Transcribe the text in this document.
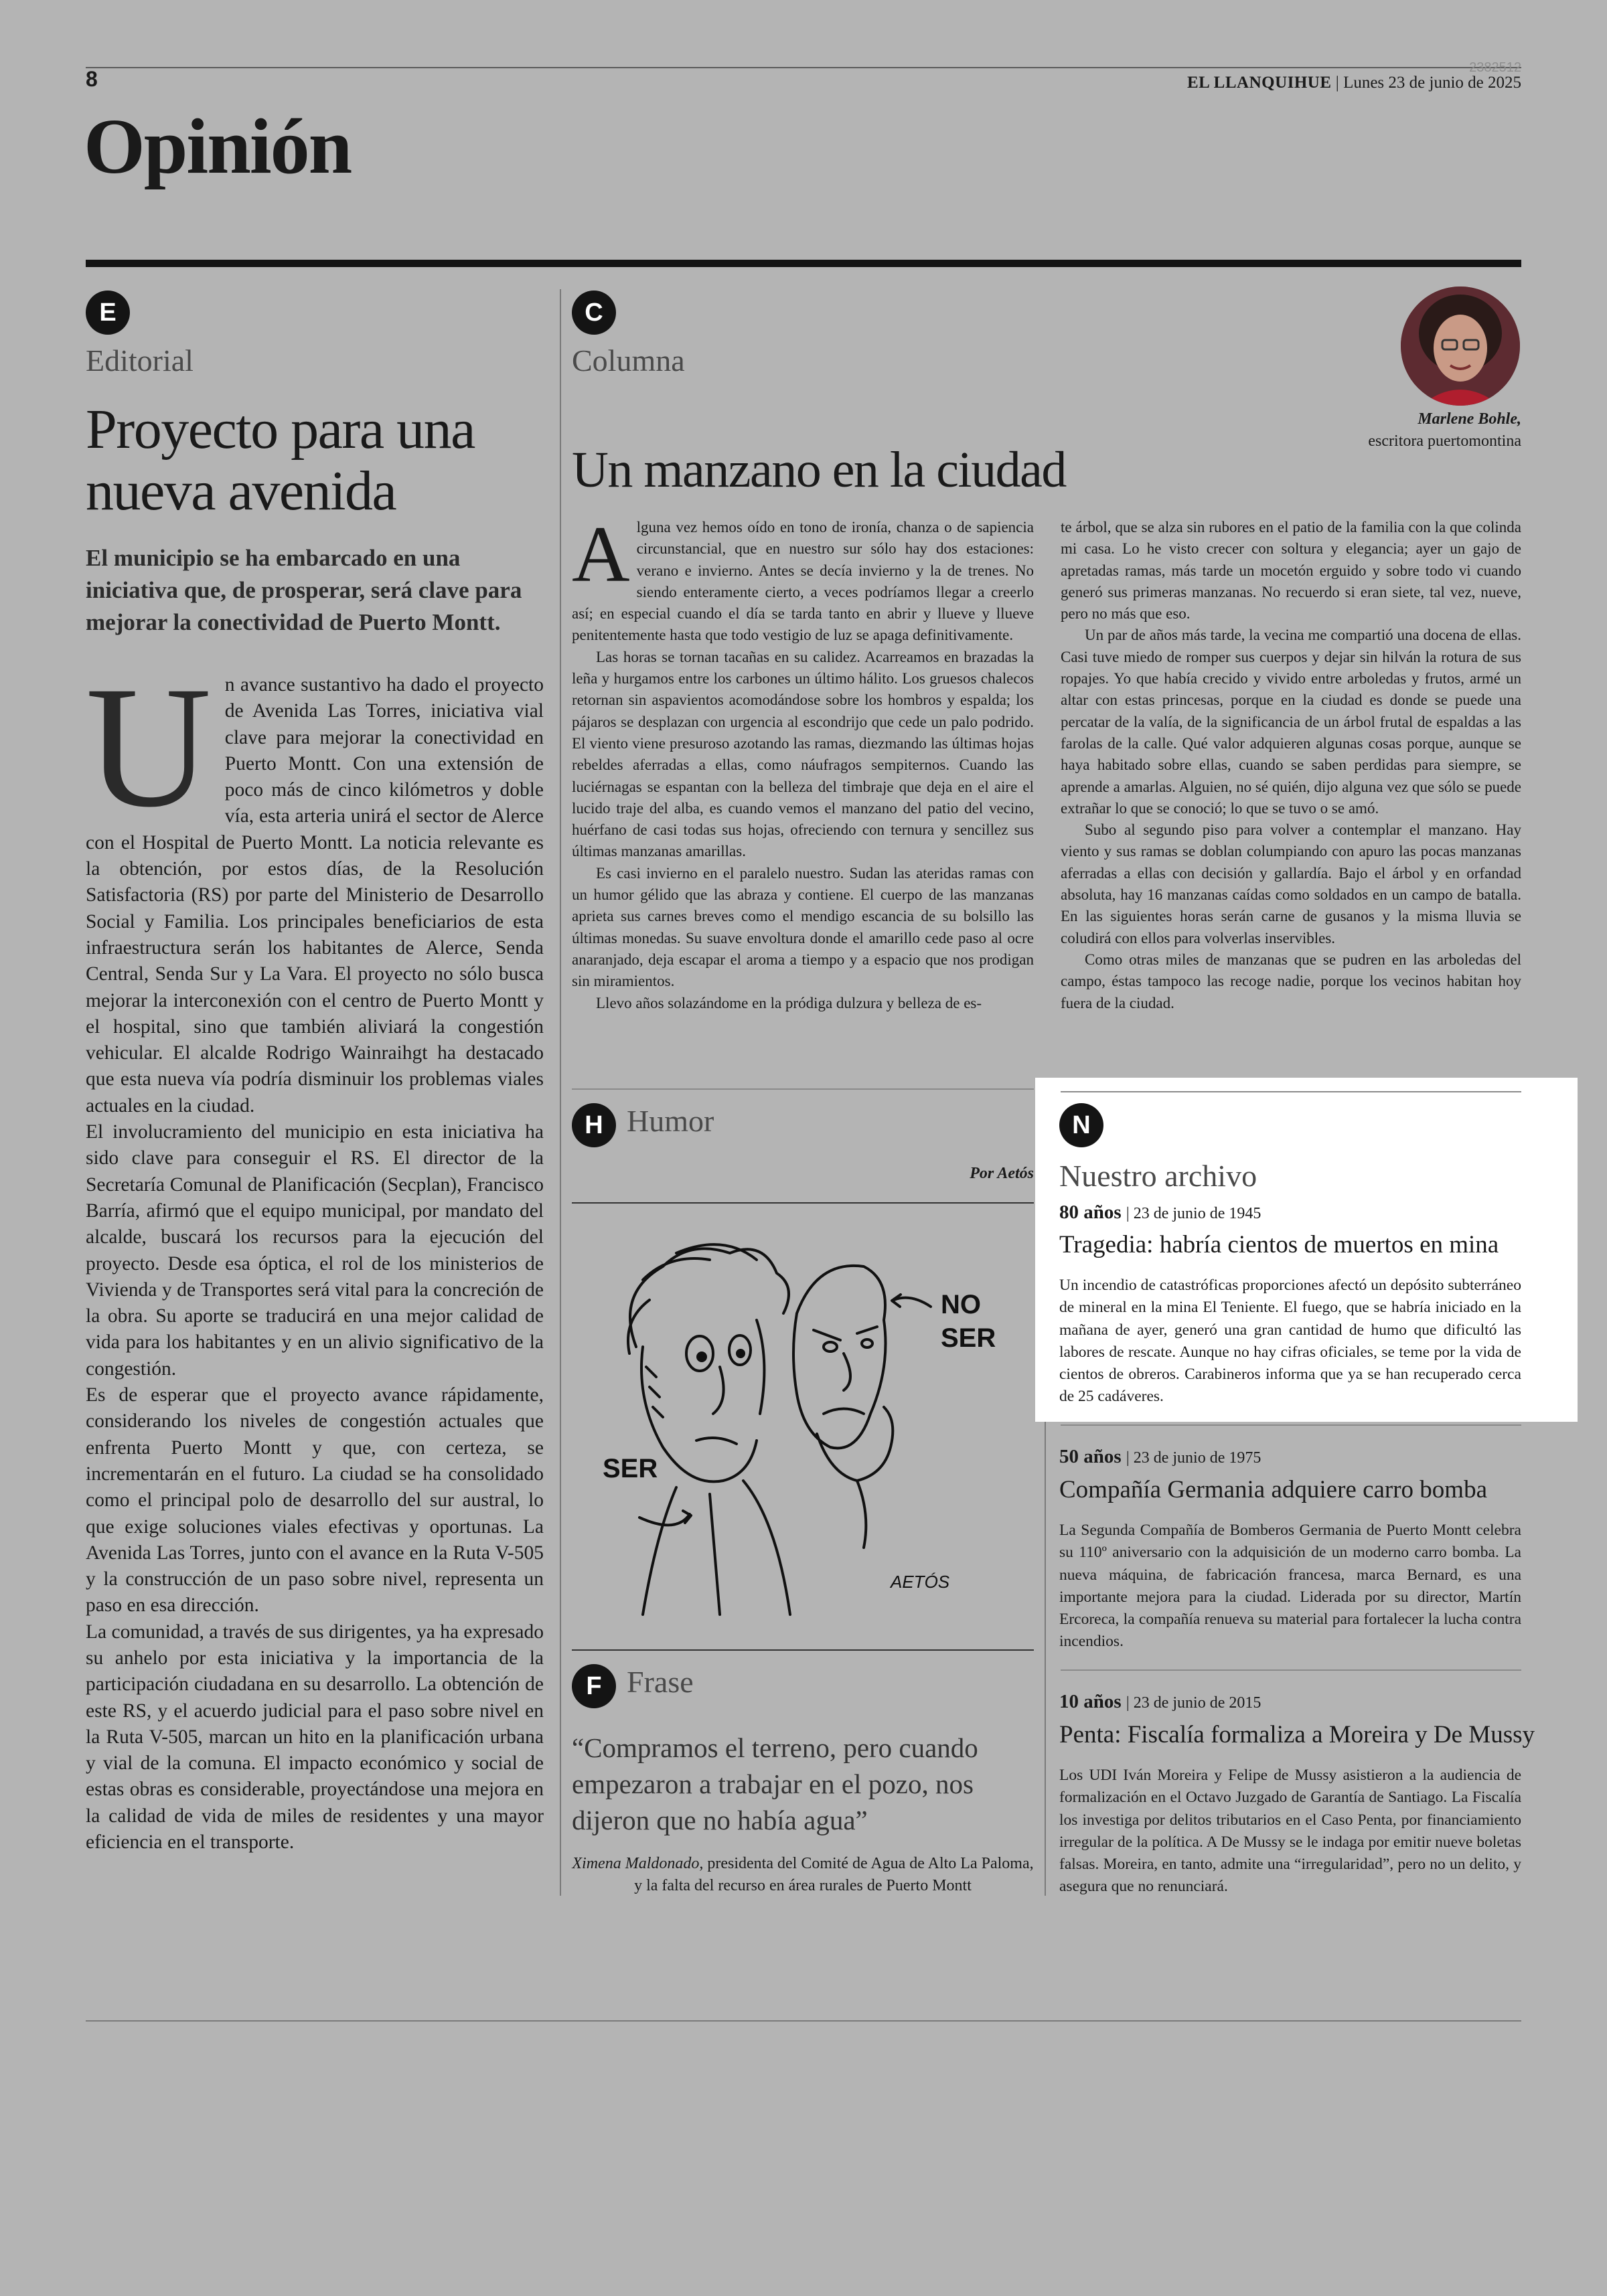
8	2382512
EL LLANQUIHUE | Lunes 23 de junio de 2025
Opinión
E
Editorial
Proyecto para una
nueva avenida
El municipio se ha embarcado en una iniciativa que, de prosperar, será clave para mejorar la conectividad de Puerto Montt.
U n avance sustantivo ha dado el proyecto de Avenida Las Torres, iniciativa vial clave para mejorar la conectividad en Puerto Montt. Con una extensión de poco más de cinco kilómetros y doble vía, esta arteria unirá el sector de Alerce con el Hospital de Puerto Montt. La noticia relevante es la obtención, por estos días, de la Resolución Satisfactoria (RS) por parte del Ministerio de Desarrollo Social y Familia. Los principales beneficiarios de esta infraestructura serán los habitantes de Alerce, Senda Central, Senda Sur y La Vara. El proyecto no sólo busca mejorar la interconexión con el centro de Puerto Montt y el hospital, sino que también aliviará la congestión vehicular. El alcalde Rodrigo Wainraihgt ha destacado que esta nueva vía podría disminuir los problemas viales actuales en la ciudad.

El involucramiento del municipio en esta iniciativa ha sido clave para conseguir el RS. El director de la Secretaría Comunal de Planificación (Secplan), Francisco Barría, afirmó que el equipo municipal, por mandato del alcalde, buscará los recursos para la ejecución del proyecto. Desde esa óptica, el rol de los ministerios de Vivienda y de Transportes será vital para la concreción de la obra. Su aporte se traducirá en una mejor calidad de vida para los habitantes y en un alivio significativo de la congestión.

Es de esperar que el proyecto avance rápidamente, considerando los niveles de congestión actuales que enfrenta Puerto Montt y que, con certeza, se incrementarán en el futuro. La ciudad se ha consolidado como el principal polo de desarrollo del sur austral, lo que exige soluciones viales efectivas y oportunas. La Avenida Las Torres, junto con el avance en la Ruta V-505 y la construcción de un paso sobre nivel, representa un paso en esa dirección.

La comunidad, a través de sus dirigentes, ya ha expresado su anhelo por esta iniciativa y la importancia de la participación ciudadana en su desarrollo. La obtención de este RS, y el acuerdo judicial para el paso sobre nivel en la Ruta V-505, marcan un hito en la planificación urbana y vial de la comuna. El impacto económico y social de estas obras es considerable, proyectándose una mejora en la calidad de vida de miles de residentes y una mayor eficiencia en el transporte.

C
Columna
Un manzano en la ciudad
Marlene Bohle,
escritora puertomontina
A lguna vez hemos oído en tono de ironía, chanza o de sapiencia circunstancial, que en nuestro sur sólo hay dos estaciones: verano e invierno. Antes se decía invierno y la de trenes. No siendo enteramente cierto, a veces podríamos llegar a creerlo así; en especial cuando el día se tarda tanto en abrir y llueve y llueve penitentemente hasta que todo vestigio de luz se apaga definitivamente.

Las horas se tornan tacañas en su calidez. Acarreamos en brazadas la leña y hurgamos entre los carbones un último hálito. Los gruesos chalecos retornan sin aspavientos acomodándose sobre los hombros y espalda; los pájaros se desplazan con urgencia al escondrijo que cede un palo podrido. El viento viene presuroso azotando las ramas, diezmando las últimas hojas rebeldes aferradas a ellas, como náufragos sempiternos. Cuando las luciérnagas se espantan con la belleza del timbraje que deja en el aire el lucido traje del alba, es cuando vemos el manzano del patio del vecino, huérfano de casi todas sus hojas, ofreciendo con ternura y sencillez sus últimas manzanas amarillas.

Es casi invierno en el paralelo nuestro. Sudan las ateridas ramas con un humor gélido que las abraza y contiene. El cuerpo de las manzanas aprieta sus carnes breves como el mendigo escancia de su bolsillo las últimas monedas. Su suave envoltura donde el amarillo cede paso al ocre anaranjado, deja escapar el aroma a tiempo y a espacio que nos prodigan sin miramientos.

Llevo años solazándome en la pródiga dulzura y belleza de es-

te árbol, que se alza sin rubores en el patio de la familia con la que colinda mi casa. Lo he visto crecer con soltura y elegancia; ayer un gajo de apretadas ramas, más tarde un mocetón erguido y sobre todo vi cuando generó sus primeras manzanas. No recuerdo si eran siete, tal vez, nueve, pero no más que eso.

Un par de años más tarde, la vecina me compartió una docena de ellas. Casi tuve miedo de romper sus cuerpos y dejar sin hilván la rotura de sus ropajes. Yo que había crecido y vivido entre arboledas y frutos, armé un altar con estas princesas, porque en la ciudad es donde se puede una percatar de la valía, de la significancia de un árbol frutal de espaldas a las farolas de la calle. Qué valor adquieren algunas cosas porque, aunque se haya habitado sobre ellas, cuando se saben perdidas para siempre, se aprende a amarlas. Alguien, no sé quién, dijo alguna vez que sólo se puede extrañar lo que se conoció; lo que se tuvo o se amó.

Subo al segundo piso para volver a contemplar el manzano. Hay viento y sus ramas se doblan columpiando con apuro las pocas manzanas aferradas a ellas con decisión y gallardía. Bajo el árbol y en orfandad absoluta, hay 16 manzanas caídas como soldados en un campo de batalla. En las siguientes horas serán carne de gusanos y la misma lluvia se coludirá con ellos para volverlas inservibles.

Como otras miles de manzanas que se pudren en las arboledas del campo, éstas tampoco las recoge nadie, porque los vecinos habitan hoy fuera de la ciudad.

H Humor
Por Aetós
SER
NO
SER
AETÓS
F Frase
“Compramos el terreno, pero cuando empezaron a trabajar en el pozo, nos dijeron que no había agua”
Ximena Maldonado, presidenta del Comité de Agua de Alto La Paloma, y la falta del recurso en área rurales de Puerto Montt
N
Nuestro archivo
80 años | 23 de junio de 1945
Tragedia: habría cientos de muertos en mina
Un incendio de catastróficas proporciones afectó un depósito subterráneo de mineral en la mina El Teniente. El fuego, que se habría iniciado en la mañana de ayer, generó una gran cantidad de humo que dificultó las labores de rescate. Aunque no hay cifras oficiales, se teme por la vida de cientos de obreros. Carabineros informa que ya se han recuperado cerca de 25 cadáveres.
50 años | 23 de junio de 1975
Compañía Germania adquiere carro bomba
La Segunda Compañía de Bomberos Germania de Puerto Montt celebra su 110º aniversario con la adquisición de un moderno carro bomba. La nueva máquina, de fabricación francesa, marca Bernard, es una importante mejora para la ciudad. Liderada por su director, Martín Ercoreca, la compañía renueva su material para fortalecer la lucha contra incendios.
10 años | 23 de junio de 2015
Penta: Fiscalía formaliza a Moreira y De Mussy
Los UDI Iván Moreira y Felipe de Mussy asistieron a la audiencia de formalización en el Octavo Juzgado de Garantía de Santiago. La Fiscalía los investiga por delitos tributarios en el Caso Penta, por financiamiento irregular de la política. A De Mussy se le indaga por emitir nueve boletas falsas. Moreira, en tanto, admite una “irregularidad”, pero no un delito, y asegura que no renunciará.
